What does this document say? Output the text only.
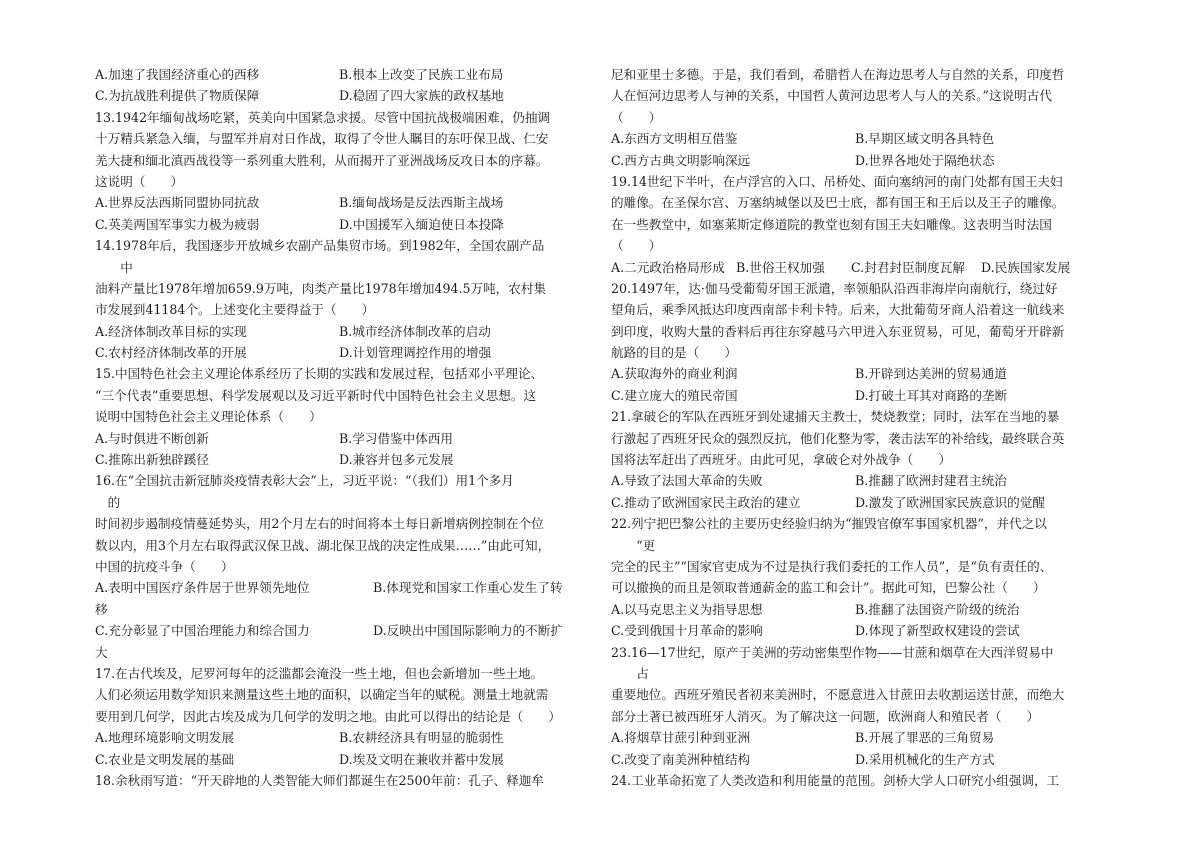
A.加速了我国经济重心的西移	B.根本上改变了民族工业布局
C.为抗战胜利提供了物质保障	D.稳固了四大家族的政权基地
13.1942年缅甸战场吃紧，英美向中国紧急求援。尽管中国抗战极端困难，仍抽调
十万精兵紧急入缅，与盟军并肩对日作战，取得了令世人瞩目的东吁保卫战、仁安
羌大捷和缅北滇西战役等一系列重大胜利，从而揭开了亚洲战场反攻日本的序幕。
这说明（　　）
A.世界反法西斯同盟协同抗敌	B.缅甸战场是反法西斯主战场
C.英美两国军事实力极为疲弱	D.中国援军入缅迫使日本投降
14.1978年后，我国逐步开放城乡农副产品集贸市场。到1982年，全国农副产品
　　中
油料产量比1978年增加659.9万吨，肉类产量比1978年增加494.5万吨，农村集
市发展到41184个。上述变化主要得益于（　　）
A.经济体制改革目标的实现	B.城市经济体制改革的启动
C.农村经济体制改革的开展	D.计划管理调控作用的增强
15.中国特色社会主义理论体系经历了长期的实践和发展过程，包括邓小平理论、
“三个代表”重要思想、科学发展观以及习近平新时代中国特色社会主义思想。这
说明中国特色社会主义理论体系（　　）
A.与时俱进不断创新	B.学习借鉴中体西用
C.推陈出新独辟蹊径	D.兼容并包多元发展
16.在“全国抗击新冠肺炎疫情表彰大会”上，习近平说：“（我们）用1个多月
　的
时间初步遏制疫情蔓延势头，用2个月左右的时间将本土每日新增病例控制在个位
数以内，用3个月左右取得武汉保卫战、湖北保卫战的决定性成果……”由此可知，
中国的抗疫斗争（　　）
A.表明中国医疗条件居于世界领先地位	B.体现党和国家工作重心发生了转
移
C.充分彰显了中国治理能力和综合国力	D.反映出中国国际影响力的不断扩
大
17.在古代埃及，尼罗河每年的泛滥都会淹没一些土地，但也会新增加一些土地。
人们必须运用数学知识来测量这些土地的面积，以确定当年的赋税。测量土地就需
要用到几何学，因此古埃及成为几何学的发明之地。由此可以得出的结论是（　　）
A.地理环境影响文明发展	B.农耕经济具有明显的脆弱性
C.农业是文明发展的基础	D.埃及文明在兼收并蓄中发展
18.余秋雨写道：“开天辟地的人类智能大师们都诞生在2500年前：孔子、释迦牟
尼和亚里士多德。于是，我们看到，希腊哲人在海边思考人与自然的关系，印度哲
人在恒河边思考人与神的关系，中国哲人黄河边思考人与人的关系。”这说明古代
（　　）
A.东西方文明相互借鉴	B.早期区域文明各具特色
C.西方古典文明影响深远	D.世界各地处于隔绝状态
19.14世纪下半叶，在卢浮宫的入口、吊桥处、面向塞纳河的南门处都有国王夫妇
的雕像。在圣保尔宫、万塞纳城堡以及巴士底，都有国王和王后以及王子的雕像。
在一些教堂中，如塞莱斯定修道院的教堂也刻有国王夫妇雕像。这表明当时法国
（　　）
A.二元政治格局形成 B.世俗王权加强 C.封君封臣制度瓦解 D.民族国家发展
20.1497年，达·伽马受葡萄牙国王派遣，率领船队沿西非海岸向南航行，绕过好
望角后，乘季风抵达印度西南部卡利卡特。后来，大批葡萄牙商人沿着这一航线来
到印度，收购大量的香料后再往东穿越马六甲进入东亚贸易，可见，葡萄牙开辟新
航路的目的是（　　）
A.获取海外的商业利润	B.开辟到达美洲的贸易通道
C.建立庞大的殖民帝国	D.打破土耳其对商路的垄断
21.拿破仑的军队在西班牙到处逮捕天主教士，焚烧教堂；同时，法军在当地的暴
行激起了西班牙民众的强烈反抗，他们化整为零，袭击法军的补给线，最终联合英
国将法军赶出了西班牙。由此可见，拿破仑对外战争（　　）
A.导致了法国大革命的失败	B.推翻了欧洲封建君主统治
C.推动了欧洲国家民主政治的建立	D.激发了欧洲国家民族意识的觉醒
22.列宁把巴黎公社的主要历史经验归纳为“摧毁官僚军事国家机器”，并代之以
　　“更
完全的民主”“国家官吏成为不过是执行我们委托的工作人员”，是“负有责任的、
可以撤换的而且是领取普通薪金的监工和会计”。据此可知，巴黎公社（　　）
A.以马克思主义为指导思想	B.推翻了法国资产阶级的统治
C.受到俄国十月革命的影响	D.体现了新型政权建设的尝试
23.16—17世纪，原产于美洲的劳动密集型作物——甘蔗和烟草在大西洋贸易中
　　占
重要地位。西班牙殖民者初来美洲时，不愿意进入甘蔗田去收割运送甘蔗，而绝大
部分土著已被西班牙人消灭。为了解决这一问题，欧洲商人和殖民者（　　）
A.将烟草甘蔗引种到亚洲	B.开展了罪恶的三角贸易
C.改变了南美洲种植结构	D.采用机械化的生产方式
24.工业革命拓宽了人类改造和利用能量的范围。剑桥大学人口研究小组强调，工
